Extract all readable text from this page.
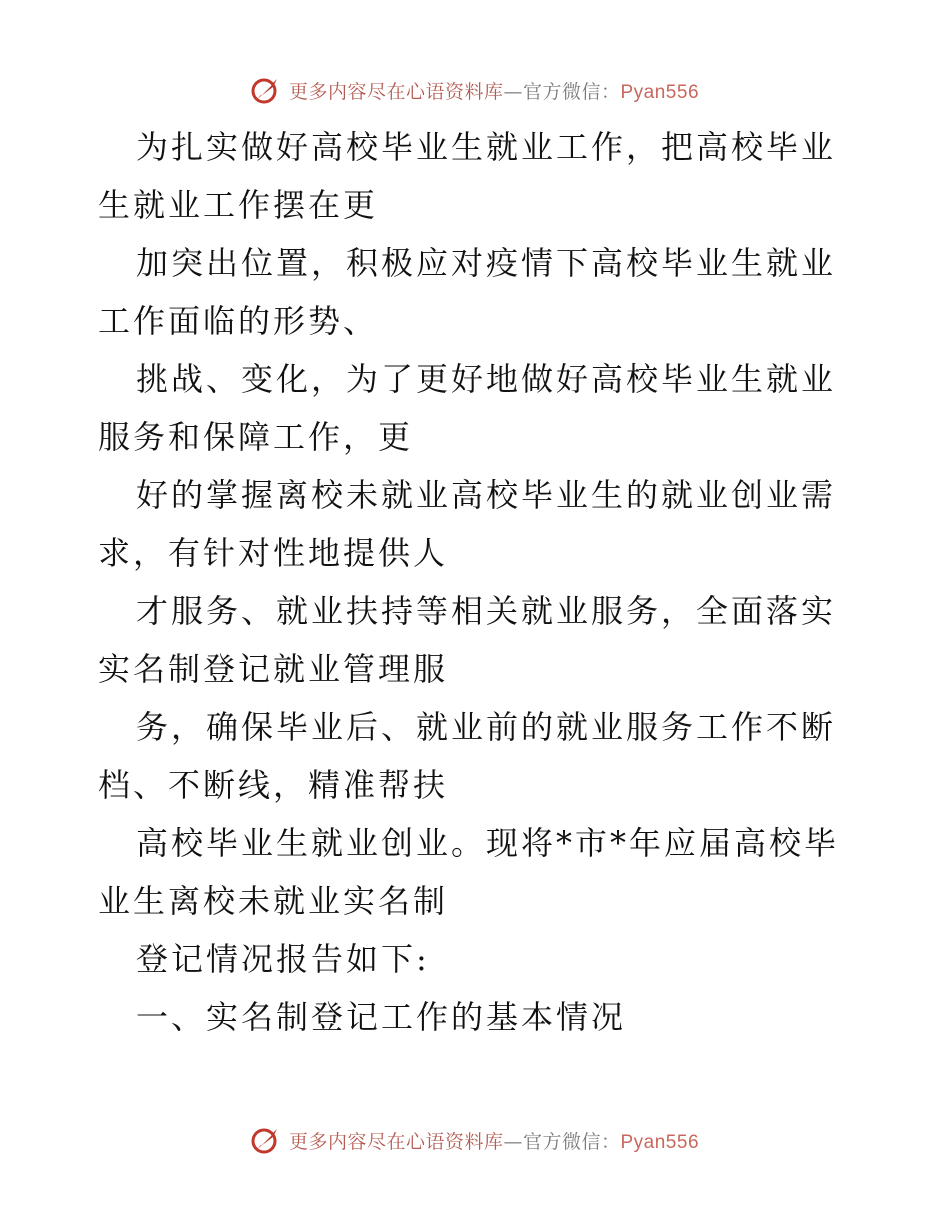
更多内容尽在心语资料库—官方微信：Pyan556

为扎实做好高校毕业生就业工作，把高校毕业生就业工作摆在更

加突出位置，积极应对疫情下高校毕业生就业工作面临的形势、

挑战、变化，为了更好地做好高校毕业生就业服务和保障工作，更

好的掌握离校未就业高校毕业生的就业创业需求，有针对性地提供人

才服务、就业扶持等相关就业服务，全面落实实名制登记就业管理服

务，确保毕业后、就业前的就业服务工作不断档、不断线，精准帮扶

高校毕业生就业创业。现将*市*年应届高校毕业生离校未就业实名制

登记情况报告如下:

一、实名制登记工作的基本情况

更多内容尽在心语资料库—官方微信：Pyan556
